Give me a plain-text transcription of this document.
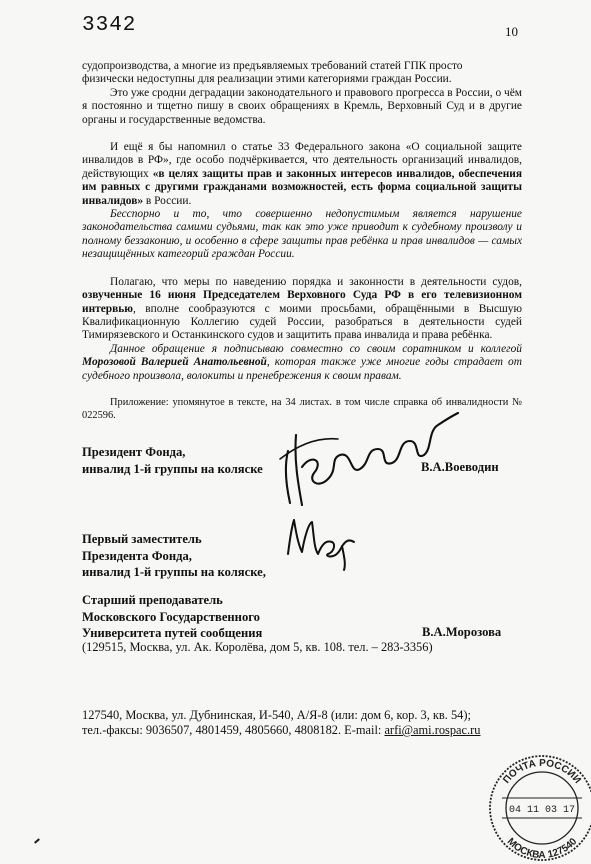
3342	10

судопроизводства, а многие из предъявляемых требований статей ГПК просто

физически недоступны для реализации этими категориями граждан России.

Это уже сродни деградации законодательного и правового прогресса в России, о чём я постоянно и тщетно пишу в своих обращениях в Кремль, Верховный Суд и в другие органы и государственные ведомства.

И ещё я бы напомнил о статье 33 Федерального закона «О социальной защите инвалидов в РФ», где особо подчёркивается, что деятельность организаций инвалидов, действующих «в целях защиты прав и законных интересов инвалидов, обеспечения им равных с другими гражданами возможностей, есть форма социальной защиты инвалидов» в России.

Бесспорно и то, что совершенно недопустимым является нарушение законодательства самими судьями, так как это уже приводит к судебному произволу и полному беззаконию, и особенно в сфере защиты прав ребёнка и прав инвалидов — самых незащищённых категорий граждан России.

Полагаю, что меры по наведению порядка и законности в деятельности судов, озвученные 16 июня Председателем Верховного Суда РФ в его телевизионном интервью, вполне сообразуются с моими просьбами, обращёнными в Высшую Квалификационную Коллегию судей России, разобраться в деятельности судей Тимирязевского и Останкинского судов и защитить права инвалида и права ребёнка.

Данное обращение я подписываю совместно со своим соратником и коллегой Морозовой Валерией Анатольевной, которая также уже многие годы страдает от судебного произвола, волокиты и пренебрежения к своим правам.

Приложение: упомянутое в тексте, на 34 листах. в том числе справка об инвалидности № 022596.

Президент Фонда,
инвалид 1-й группы на коляске	В.А.Воеводин
Первый заместитель
Президента Фонда,
инвалид 1-й группы на коляске,
Старший преподаватель
Московского Государственного
Университета путей сообщения	В.А.Морозова
(129515, Москва, ул. Ак. Королёва, дом 5, кв. 108. тел. – 283-3356)
127540, Москва, ул. Дубнинская, И-540, А/Я-8 (или: дом 6, кор. 3, кв. 54);
тел.-факсы: 9036507, 4801459, 4805660, 4808182. E-mail: arfi@ami.rospac.ru
ПОЧТА РОССИИ
04 11 03 17
МОСКВА 127540
